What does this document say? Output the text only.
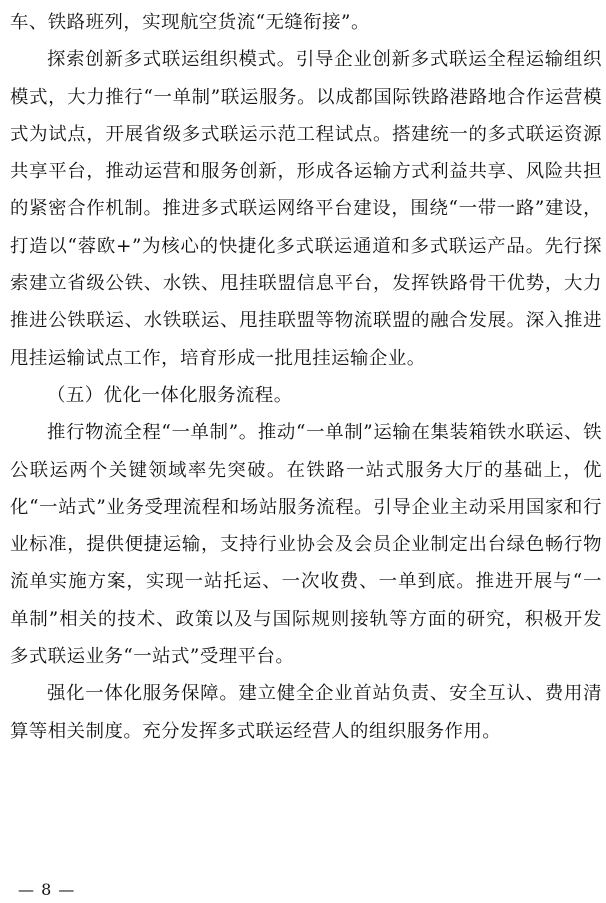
车、铁路班列，实现航空货流“无缝衔接”。

探索创新多式联运组织模式。引导企业创新多式联运全程运输组织模式，大力推行“一单制”联运服务。以成都国际铁路港路地合作运营模式为试点，开展省级多式联运示范工程试点。搭建统一的多式联运资源共享平台，推动运营和服务创新，形成各运输方式利益共享、风险共担的紧密合作机制。推进多式联运网络平台建设，围绕“一带一路”建设，打造以“蓉欧+”为核心的快捷化多式联运通道和多式联运产品。先行探索建立省级公铁、水铁、甩挂联盟信息平台，发挥铁路骨干优势，大力推进公铁联运、水铁联运、甩挂联盟等物流联盟的融合发展。深入推进甩挂运输试点工作，培育形成一批甩挂运输企业。

（五）优化一体化服务流程。

推行物流全程“一单制”。推动“一单制”运输在集装箱铁水联运、铁公联运两个关键领域率先突破。在铁路一站式服务大厅的基础上，优化“一站式”业务受理流程和场站服务流程。引导企业主动采用国家和行业标准，提供便捷运输，支持行业协会及会员企业制定出台绿色畅行物流单实施方案，实现一站托运、一次收费、一单到底。推进开展与“一单制”相关的技术、政策以及与国际规则接轨等方面的研究，积极开发多式联运业务“一站式”受理平台。

强化一体化服务保障。建立健全企业首站负责、安全互认、费用清算等相关制度。充分发挥多式联运经营人的组织服务作用。

— 8 —
